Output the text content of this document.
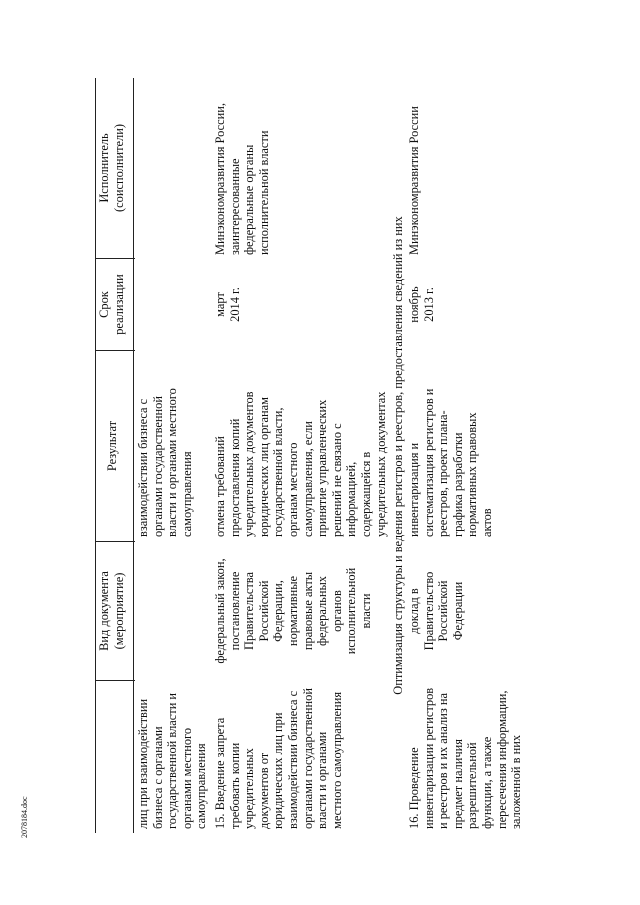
Вид документа
(мероприятие)
Результат
Срок
реализации
Исполнитель
(соисполнители)
лиц при взаимодействии
бизнеса с органами
государственной власти и
органами местного
самоуправления
взаимодействии бизнеса с
органами государственной
власти и органами местного
самоуправления
15. Введение запрета
требовать копии
учредительных
документов от
юридических лиц при
взаимодействии бизнеса с
органами государственной
власти и органами
местного самоуправления
федеральный закон,
постановление
Правительства
Российской
Федерации,
нормативные
правовые акты
федеральных
органов
исполнительной
власти
отмена требований
предоставления копий
учредительных документов
юридических лиц органам
государственной власти,
органам местного
самоуправления, если
принятие управленческих
решений не связано с
информацией,
содержащейся в
учредительных документах
март
2014 г.
Минэкономразвития России,
заинтересованные
федеральные органы
исполнительной власти
Оптимизация структуры и ведения регистров и реестров, предоставления сведений из них
16. Проведение
инвентаризации регистров
и реестров и их анализ на
предмет наличия
разрешительной
функции, а также
пересечения информации,
заложенной в них
доклад в
Правительство
Российской
Федерации
инвентаризация и
систематизация регистров и
реестров, проект плана-
графика разработки
нормативных правовых
актов
ноябрь
2013 г.
Минэкономразвития России
2078184.doc
